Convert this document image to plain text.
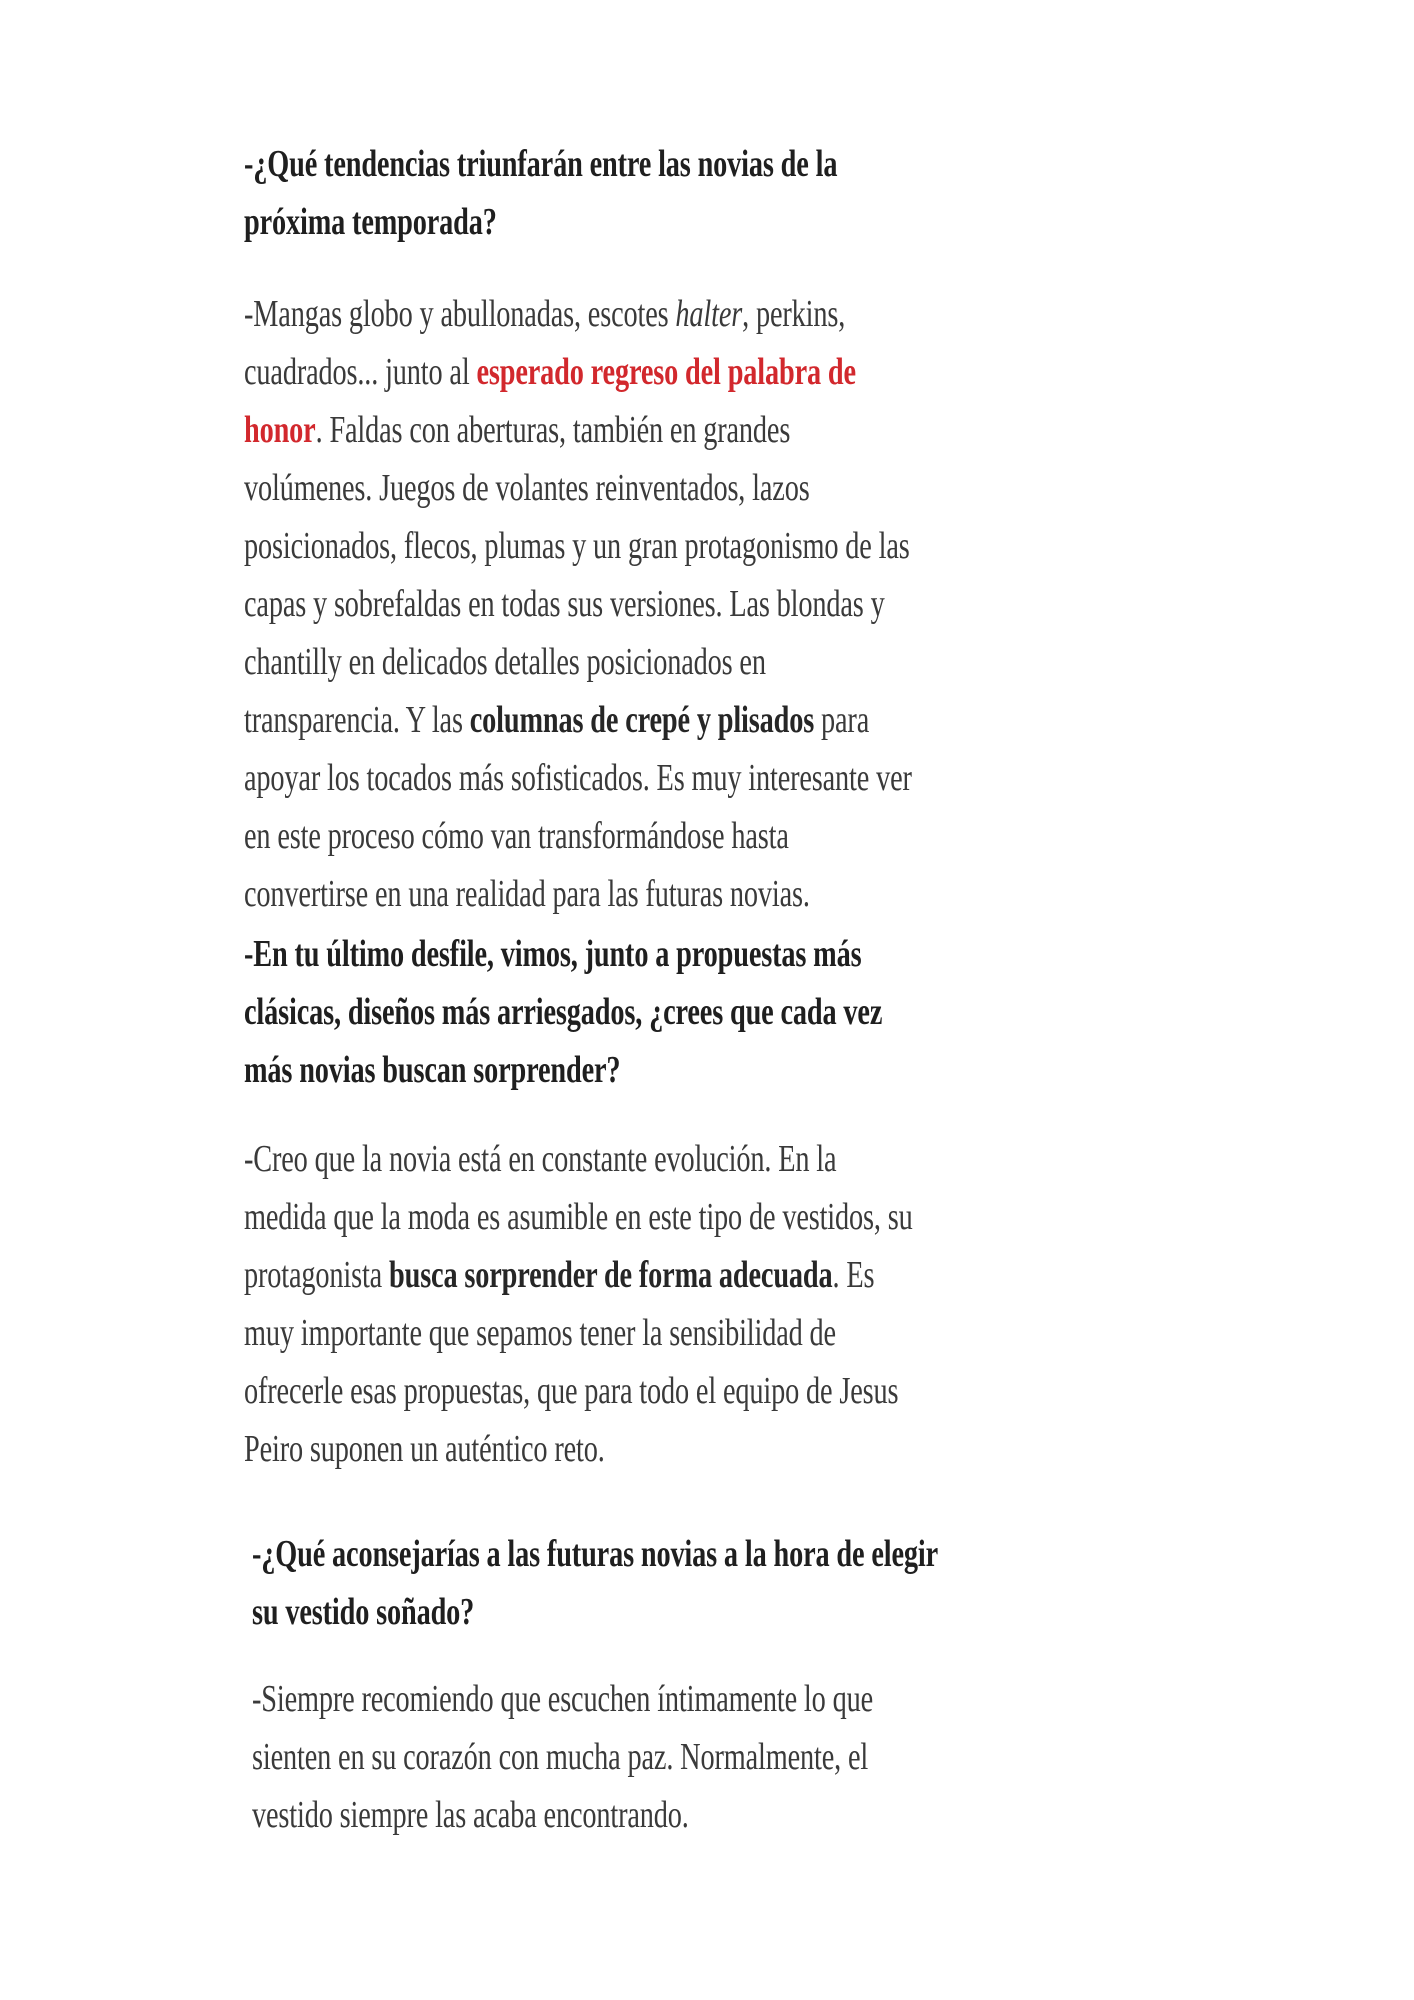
-¿Qué tendencias triunfarán entre las novias de la
próxima temporada?
-Mangas globo y abullonadas, escotes halter, perkins,
cuadrados... junto al esperado regreso del palabra de
honor. Faldas con aberturas, también en grandes
volúmenes. Juegos de volantes reinventados, lazos
posicionados, flecos, plumas y un gran protagonismo de las
capas y sobrefaldas en todas sus versiones. Las blondas y
chantilly en delicados detalles posicionados en
transparencia. Y las columnas de crepé y plisados para
apoyar los tocados más sofisticados. Es muy interesante ver
en este proceso cómo van transformándose hasta
convertirse en una realidad para las futuras novias.
-En tu último desfile, vimos, junto a propuestas más
clásicas, diseños más arriesgados, ¿crees que cada vez
más novias buscan sorprender?
-Creo que la novia está en constante evolución. En la
medida que la moda es asumible en este tipo de vestidos, su
protagonista busca sorprender de forma adecuada. Es
muy importante que sepamos tener la sensibilidad de
ofrecerle esas propuestas, que para todo el equipo de Jesus
Peiro suponen un auténtico reto.
-¿Qué aconsejarías a las futuras novias a la hora de elegir
su vestido soñado?
-Siempre recomiendo que escuchen íntimamente lo que
sienten en su corazón con mucha paz. Normalmente, el
vestido siempre las acaba encontrando.
